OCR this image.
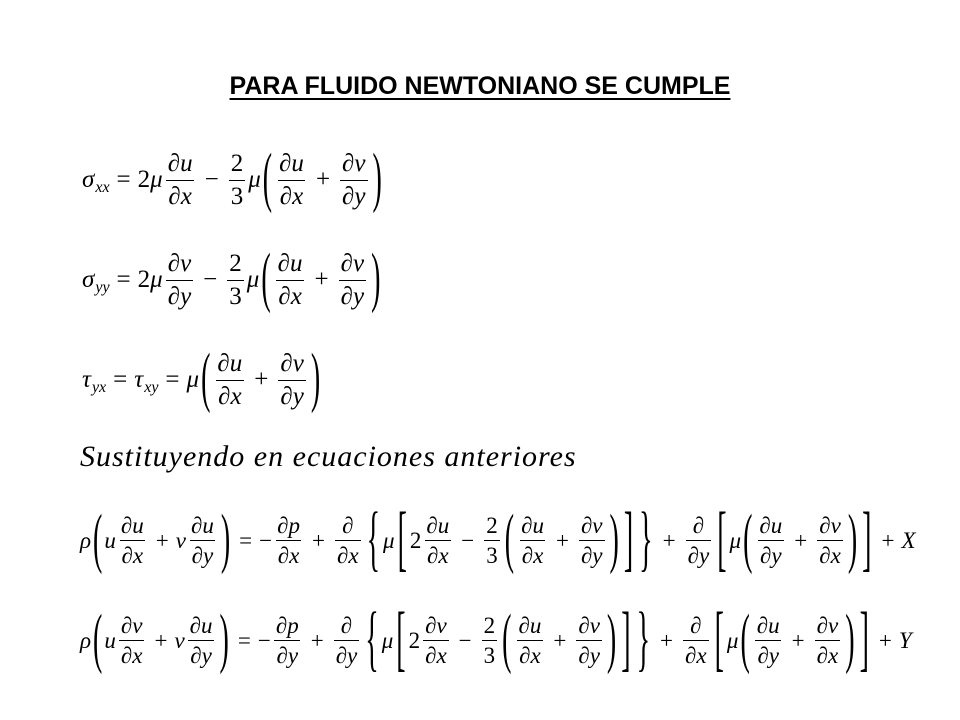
PARA FLUIDO NEWTONIANO SE CUMPLE
σ xx = 2 μ $\frac{\partial u}{\partial x} - \frac{2}{3}$ μ ( $\frac{\partial u}{\partial x} + \frac{\partial v}{\partial y}$ )
σ yy = 2 μ $\frac{\partial v}{\partial y} - \frac{2}{3}$ μ ( $\frac{\partial u}{\partial x} + \frac{\partial v}{\partial y}$ )
τ yx = τ xy = μ ( $\frac{\partial u}{\partial x} + \frac{\partial v}{\partial y}$ )
Sustituyendo en ecuaciones anteriores
ρ ( u $\frac{\partial u}{\partial x} + v \frac{\partial u}{\partial y}$ ) = − $\frac{\partial p}{\partial x} + \frac{\partial}{\partial x}$ { μ [ $2 \frac{\partial u}{\partial x} - \frac{2}{3}$ ( $\frac{\partial u}{\partial x} + \frac{\partial v}{\partial y}$ ) ] } + $\frac{\partial}{\partial y}$ [ μ ( $\frac{\partial u}{\partial y} + \frac{\partial v}{\partial x}$ ) ] + X
ρ ( u $\frac{\partial v}{\partial x} + v \frac{\partial u}{\partial y}$ ) = − $\frac{\partial p}{\partial y} + \frac{\partial}{\partial y}$ { μ [ $2 \frac{\partial v}{\partial x} - \frac{2}{3}$ ( $\frac{\partial u}{\partial x} + \frac{\partial v}{\partial y}$ ) ] } + $\frac{\partial}{\partial x}$ [ μ ( $\frac{\partial u}{\partial y} + \frac{\partial v}{\partial x}$ ) ] + Y
